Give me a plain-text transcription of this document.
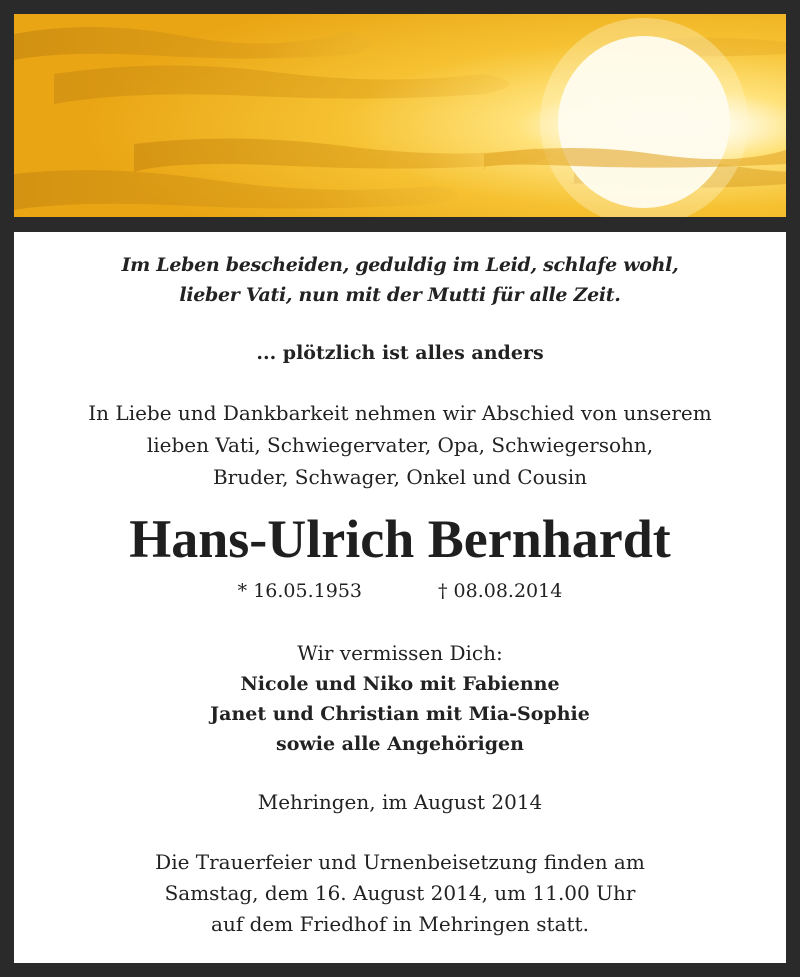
Im Leben bescheiden, geduldig im Leid, schlafe wohl,
lieber Vati, nun mit der Mutti für alle Zeit.
... plötzlich ist alles anders
In Liebe und Dankbarkeit nehmen wir Abschied von unserem
lieben Vati, Schwiegervater, Opa, Schwiegersohn,
Bruder, Schwager, Onkel und Cousin
Hans-Ulrich Bernhardt
* 16.05.1953	† 08.08.2014
Wir vermissen Dich:
Nicole und Niko mit Fabienne
Janet und Christian mit Mia-Sophie
sowie alle Angehörigen
Mehringen, im August 2014
Die Trauerfeier und Urnenbeisetzung finden am
Samstag, dem 16. August 2014, um 11.00 Uhr
auf dem Friedhof in Mehringen statt.
